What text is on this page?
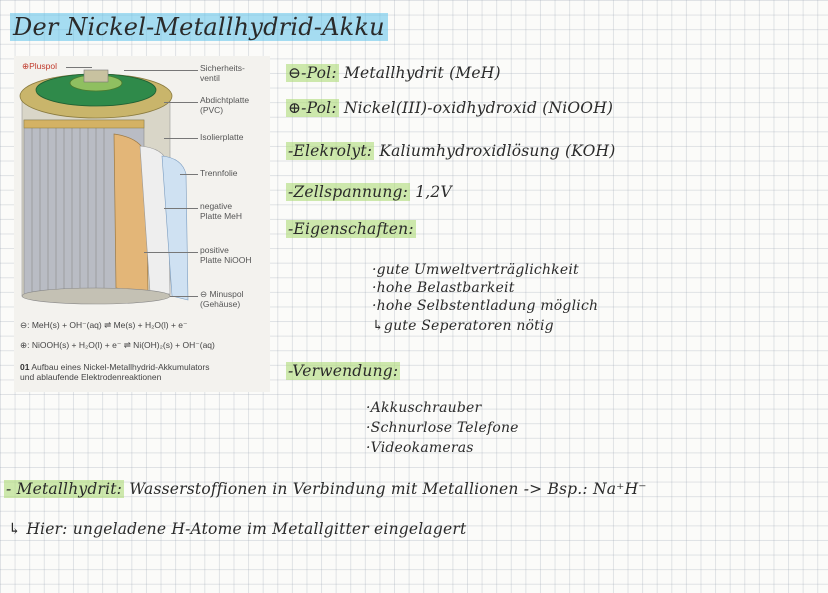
Der Nickel-Metallhydrid-Akku
⊕Pluspol	Sicherheits-
ventil
Abdichtplatte
(PVC)
Isolierplatte
Trennfolie
negative
Platte MeH
positive
Platte NiOOH
⊖ Minuspol
(Gehäuse)
⊖: MeH(s) + OH⁻(aq) ⇌ Me(s) + H₂O(l) + e⁻
⊕: NiOOH(s) + H₂O(l) + e⁻ ⇌ Ni(OH)₂(s) + OH⁻(aq)
01 Aufbau eines Nickel-Metallhydrid-Akkumulators
und ablaufende Elektrodenreaktionen
⊖-Pol: Metallhydrit (MeH)
⊕-Pol: Nickel(III)-oxidhydroxid (NiOOH)
-Elekrolyt: Kaliumhydroxidlösung (KOH)
-Zellspannung: 1,2V
-Eigenschaften:
·gute Umweltverträglichkeit
·hohe Belastbarkeit
·hohe Selbstentladung möglich
↳gute Seperatoren nötig
-Verwendung:
·Akkuschrauber
·Schnurlose Telefone
·Videokameras
- Metallhydrit: Wasserstoffionen in Verbindung mit Metallionen -> Bsp.: Na⁺H⁻
↳ Hier: ungeladene H-Atome im Metallgitter eingelagert
